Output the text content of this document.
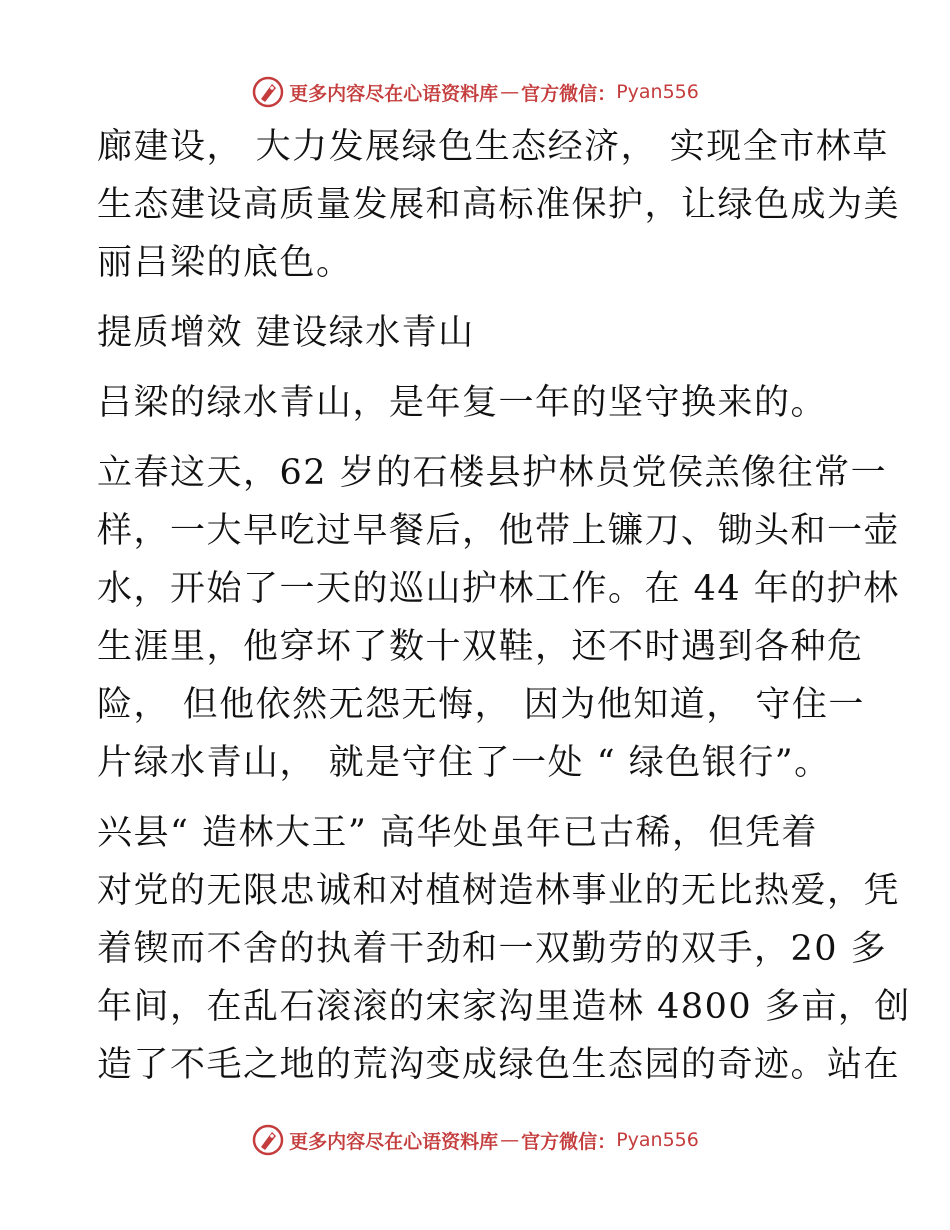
更多内容尽在心语资料库 — 官方微信： Pyan556
廊建设， 大力发展绿色生态经济， 实现全市林草
生态建设高质量发展和高标准保护，让绿色成为美
丽吕梁的底色。
提质增效 建设绿水青山
吕梁的绿水青山，是年复一年的坚守换来的。
立春这天，62 岁的石楼县护林员党侯羔像往常一
样，一大早吃过早餐后，他带上镰刀、锄头和一壶
水，开始了一天的巡山护林工作。在 44 年的护林
生涯里，他穿坏了数十双鞋，还不时遇到各种危
险， 但他依然无怨无悔， 因为他知道， 守住一
片绿水青山， 就是守住了一处 “ 绿色银行”。
兴县“ 造林大王” 高华处虽年已古稀，但凭着
对党的无限忠诚和对植树造林事业的无比热爱，凭
着锲而不舍的执着干劲和一双勤劳的双手，20 多
年间，在乱石滚滚的宋家沟里造林 4800 多亩，创
造了不毛之地的荒沟变成绿色生态园的奇迹。站在
更多内容尽在心语资料库 — 官方微信： Pyan556
